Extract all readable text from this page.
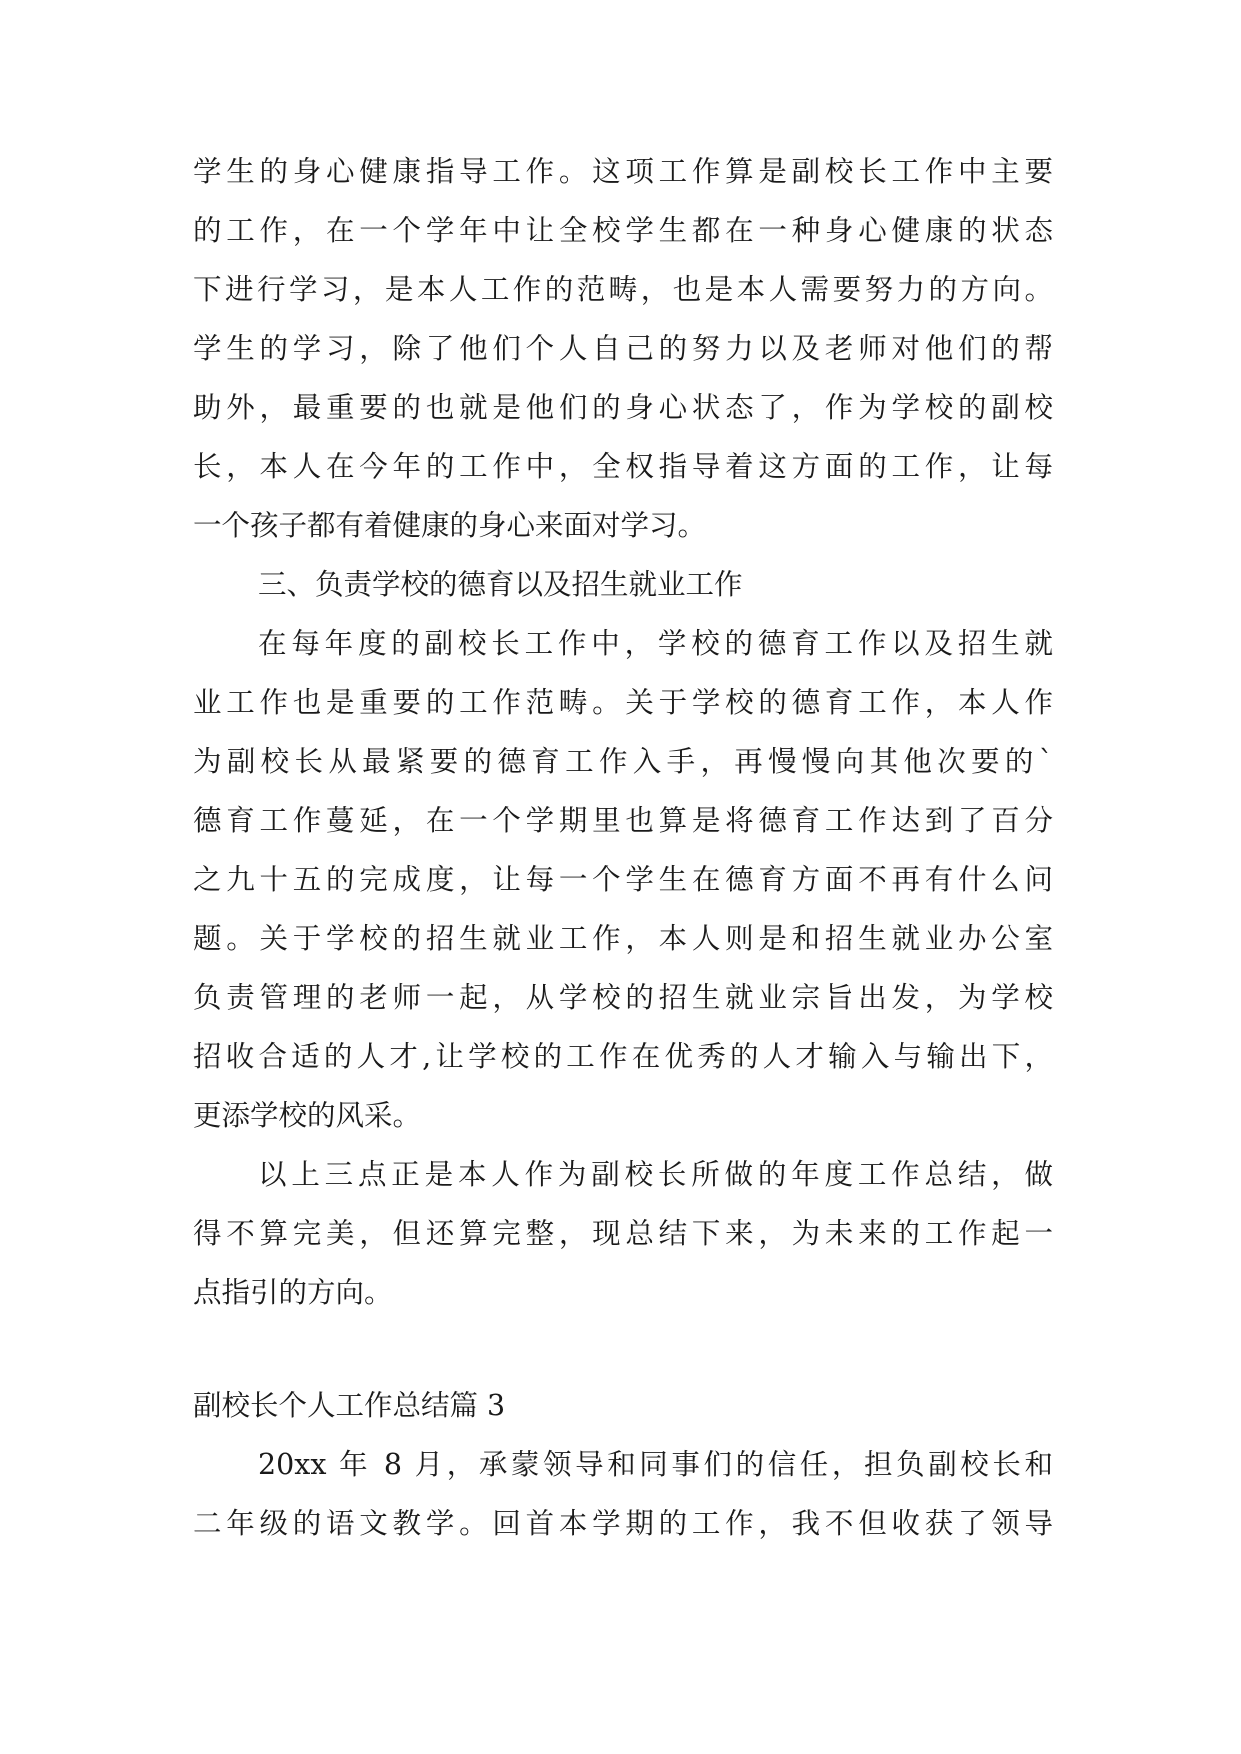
学生的身心健康指导工作。这项工作算是副校长工作中主要
的工作，在一个学年中让全校学生都在一种身心健康的状态
下进行学习，是本人工作的范畴，也是本人需要努力的方向。
学生的学习，除了他们个人自己的努力以及老师对他们的帮
助外，最重要的也就是他们的身心状态了，作为学校的副校
长，本人在今年的工作中，全权指导着这方面的工作，让每
一个孩子都有着健康的身心来面对学习。
三、负责学校的德育以及招生就业工作
在每年度的副校长工作中，学校的德育工作以及招生就
业工作也是重要的工作范畴。关于学校的德育工作，本人作
为副校长从最紧要的德育工作入手，再慢慢向其他次要的`
德育工作蔓延，在一个学期里也算是将德育工作达到了百分
之九十五的完成度，让每一个学生在德育方面不再有什么问
题。关于学校的招生就业工作，本人则是和招生就业办公室
负责管理的老师一起，从学校的招生就业宗旨出发，为学校
招收合适的人才,让学校的工作在优秀的人才输入与输出下，
更添学校的风采。
以上三点正是本人作为副校长所做的年度工作总结，做
得不算完美，但还算完整，现总结下来，为未来的工作起一
点指引的方向。
副校长个人工作总结篇 3
20xx 年 8 月，承蒙领导和同事们的信任，担负副校长和
二年级的语文教学。回首本学期的工作，我不但收获了领导
